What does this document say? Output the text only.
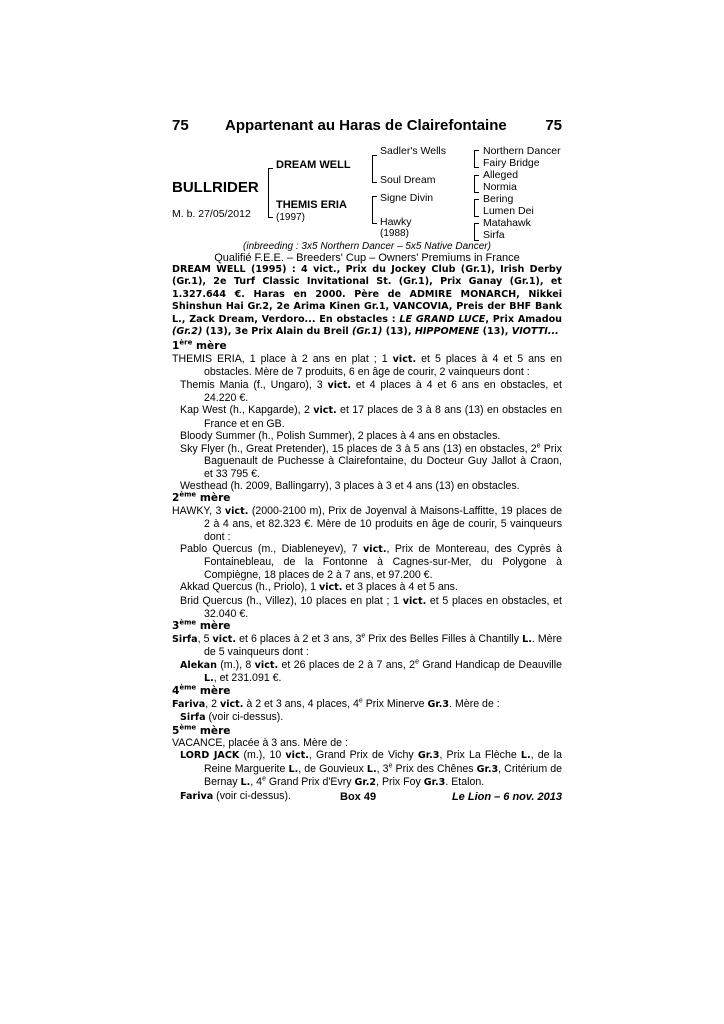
75 Appartenant au Haras de Clairefontaine	75
BULLRIDER
M. b. 27/05/2012
DREAM WELL
THEMIS ERIA
(1997)
Sadler's Wells
Soul Dream
Signe Divin
Hawky
(1988)
Northern Dancer
Fairy Bridge
Alleged
Normia
Bering
Lumen Dei
Matahawk
Sirfa
(inbreeding : 3x5 Northern Dancer – 5x5 Native Dancer)
Qualifié F.E.E. – Breeders' Cup – Owners' Premiums in France

DREAM WELL (1995) : 4 vict., Prix du Jockey Club (Gr.1), Irish Derby (Gr.1), 2e Turf Classic Invitational St. (Gr.1), Prix Ganay (Gr.1), et 1.327.644 €. Haras en 2000. Père de ADMIRE MONARCH, Nikkei Shinshun Hai Gr.2, 2e Arima Kinen Gr.1, VANCOVIA, Preis der BHF Bank L., Zack Dream, Verdoro... En obstacles : LE GRAND LUCE, Prix Amadou (Gr.2) (13), 3e Prix Alain du Breil (Gr.1) (13), HIPPOMENE (13), VIOTTI...

1ère mère

THEMIS ERIA, 1 place à 2 ans en plat ; 1 vict. et 5 places à 4 et 5 ans en obstacles. Mère de 7 produits, 6 en âge de courir, 2 vainqueurs dont :

Themis Mania (f., Ungaro), 3 vict. et 4 places à 4 et 6 ans en obstacles, et 24.220 €.

Kap West (h., Kapgarde), 2 vict. et 17 places de 3 à 8 ans (13) en obstacles en France et en GB.

Bloody Summer (h., Polish Summer), 2 places à 4 ans en obstacles.

Sky Flyer (h., Great Pretender), 15 places de 3 à 5 ans (13) en obstacles, 2e Prix Baguenault de Puchesse à Clairefontaine, du Docteur Guy Jallot à Craon, et 33 795 €.

Westhead (h. 2009, Ballingarry), 3 places à 3 et 4 ans (13) en obstacles.

2ème mère

HAWKY, 3 vict. (2000-2100 m), Prix de Joyenval à Maisons-Laffitte, 19 places de 2 à 4 ans, et 82.323 €. Mère de 10 produits en âge de courir, 5 vainqueurs dont :

Pablo Quercus (m., Diableneyev), 7 vict., Prix de Montereau, des Cyprès à Fontainebleau, de la Fontonne à Cagnes-sur-Mer, du Polygone à Compiègne, 18 places de 2 à 7 ans, et 97.200 €.

Akkad Quercus (h., Priolo), 1 vict. et 3 places à 4 et 5 ans.

Brid Quercus (h., Villez), 10 places en plat ; 1 vict. et 5 places en obstacles, et 32.040 €.

3ème mère

Sirfa, 5 vict. et 6 places à 2 et 3 ans, 3e Prix des Belles Filles à Chantilly L.. Mère de 5 vainqueurs dont :

Alekan (m.), 8 vict. et 26 places de 2 à 7 ans, 2e Grand Handicap de Deauville L., et 231.091 €.

4ème mère

Fariva, 2 vict. à 2 et 3 ans, 4 places, 4e Prix Minerve Gr.3. Mère de :

Sirfa (voir ci-dessus).

5ème mère

VACANCE, placée à 3 ans. Mère de :

LORD JACK (m.), 10 vict., Grand Prix de Vichy Gr.3, Prix La Flèche L., de la Reine Marguerite L., de Gouvieux L., 3e Prix des Chênes Gr.3, Critérium de Bernay L., 4e Grand Prix d'Evry Gr.2, Prix Foy Gr.3. Etalon.

Fariva (voir ci-dessus).	Box 49	Le Lion – 6 nov. 2013
